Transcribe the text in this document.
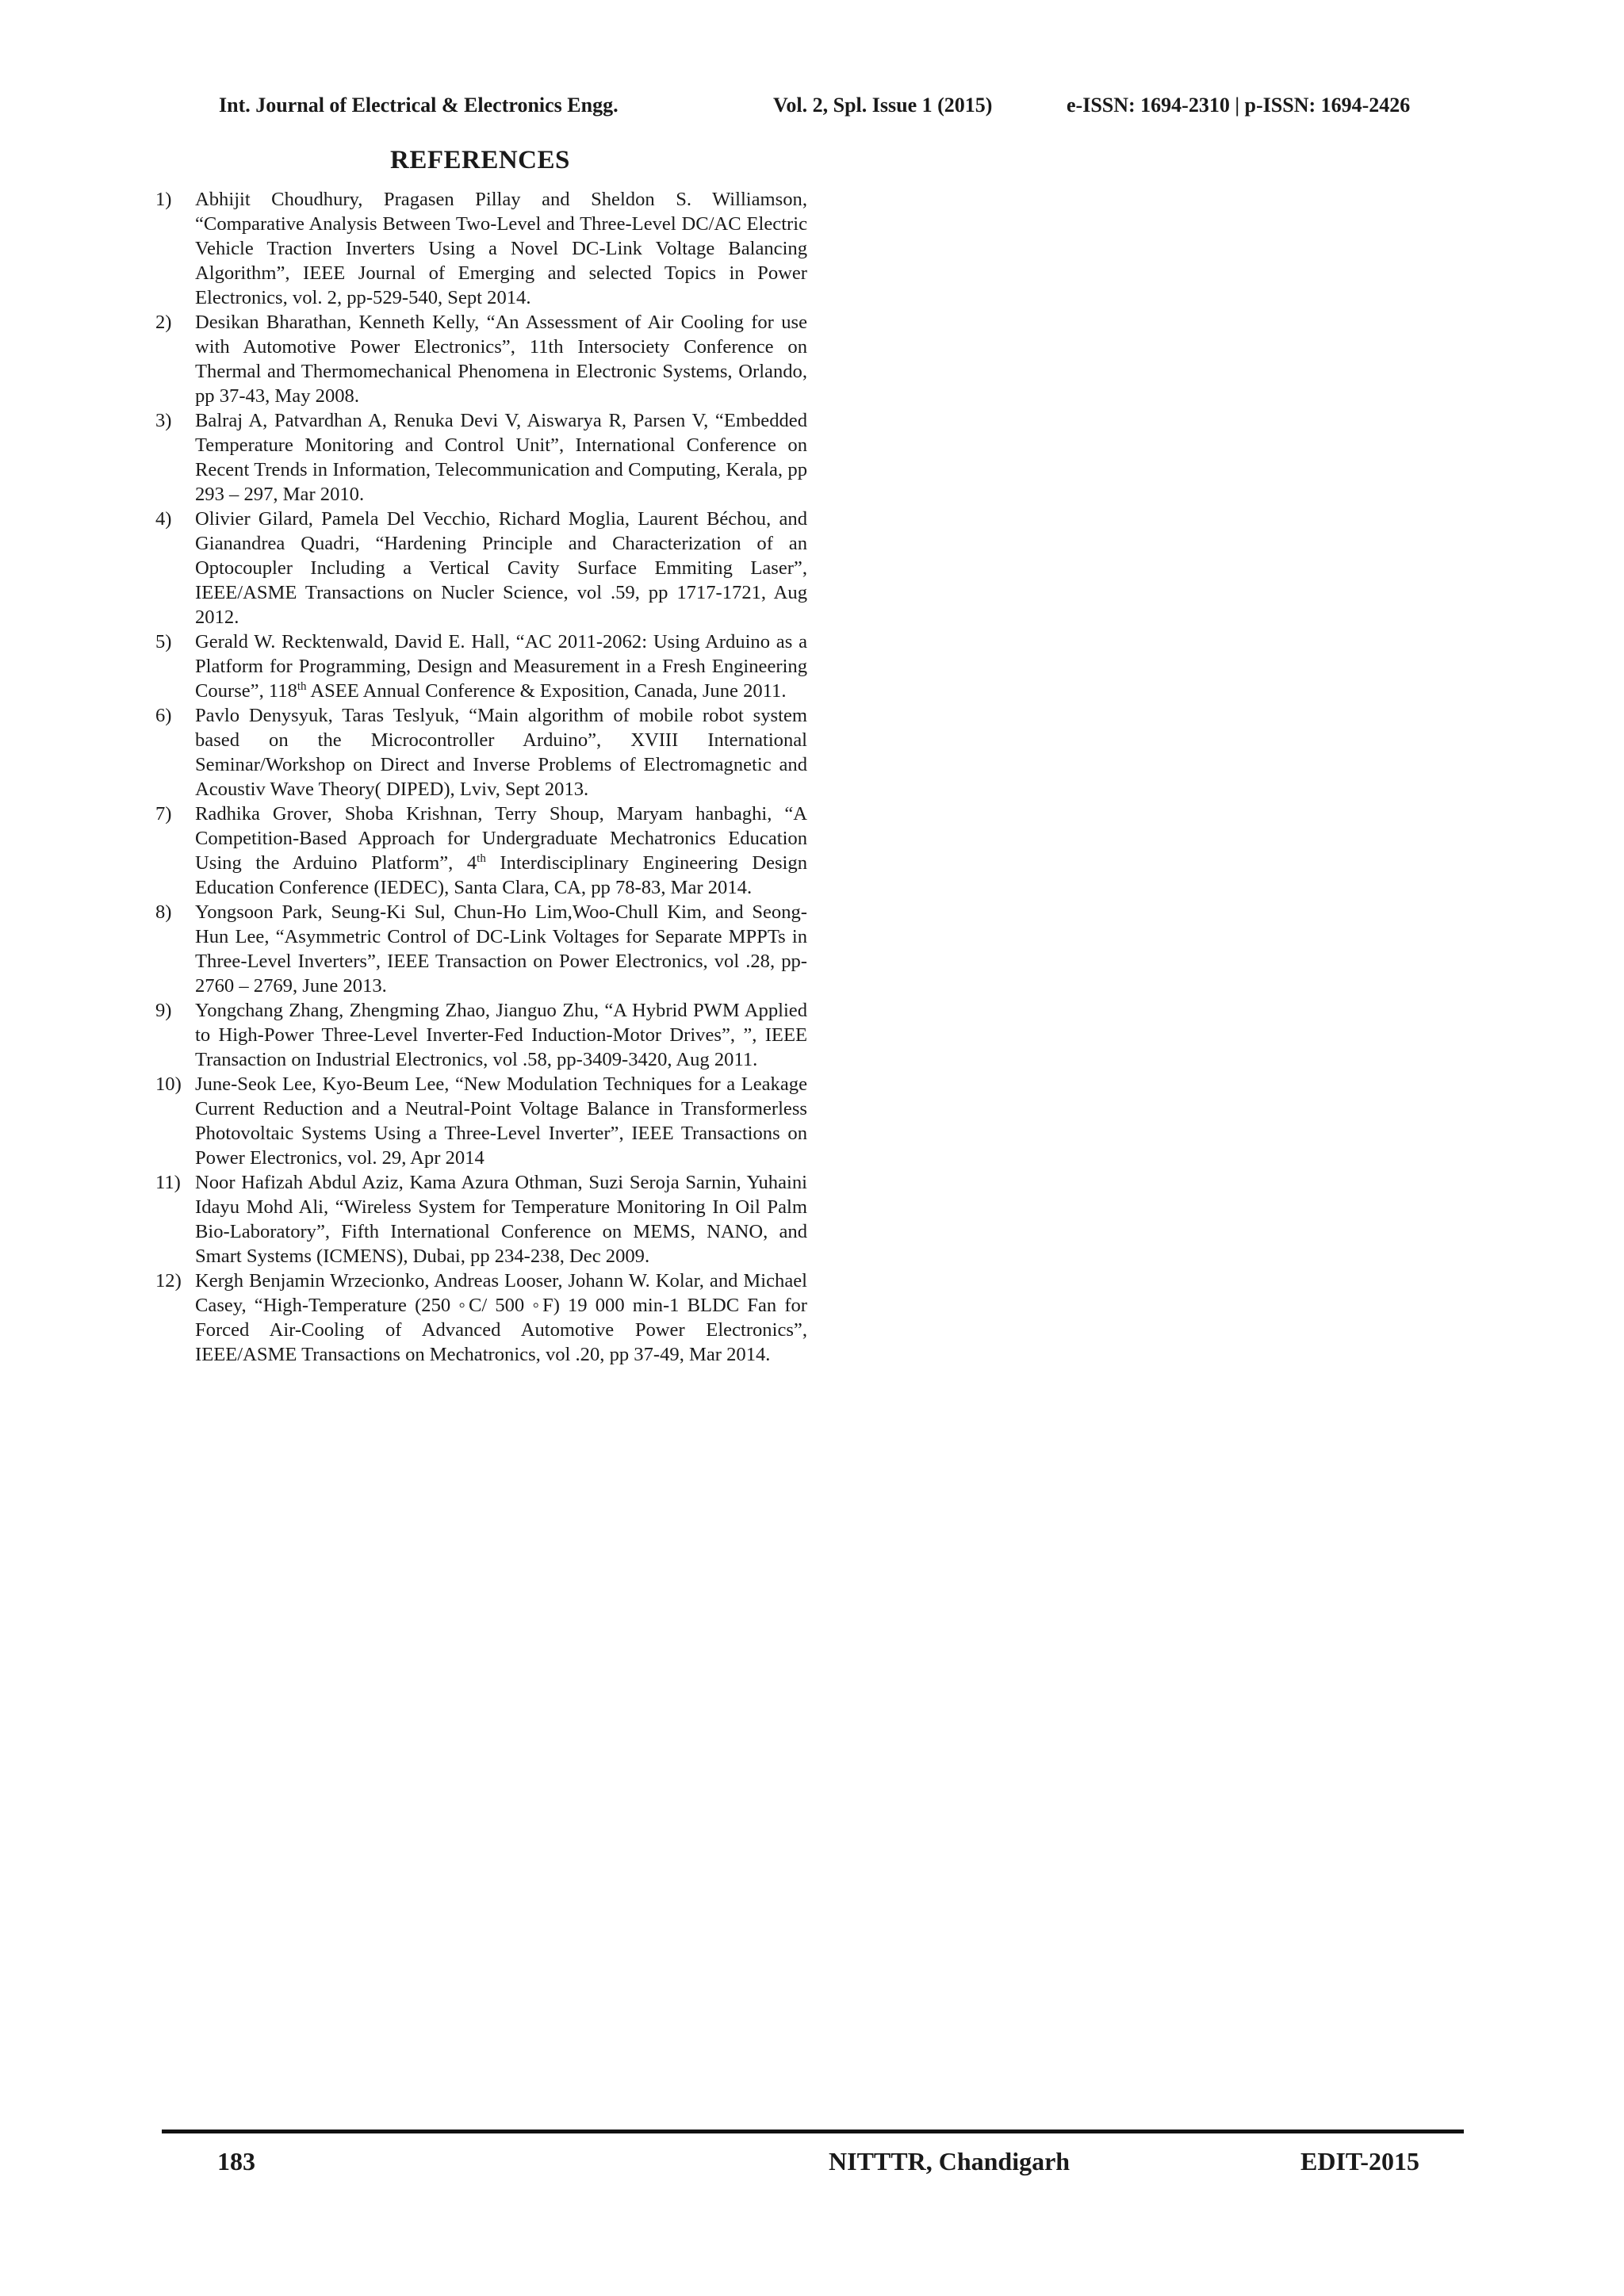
Int. Journal of Electrical & Electronics Engg.	Vol. 2, Spl. Issue 1 (2015)	e-ISSN: 1694-2310 | p-ISSN: 1694-2426
REFERENCES
1)	Abhijit Choudhury, Pragasen Pillay and Sheldon S. Williamson, “Comparative Analysis Between Two-Level and Three-Level DC/AC Electric Vehicle Traction Inverters Using a Novel DC-Link Voltage Balancing Algorithm”, IEEE Journal of Emerging and selected Topics in Power Electronics, vol. 2, pp-529-540, Sept 2014.
2)	Desikan Bharathan, Kenneth Kelly, “An Assessment of Air Cooling for use with Automotive Power Electronics”, 11th Intersociety Conference on Thermal and Thermomechanical Phenomena in Electronic Systems, Orlando, pp 37-43, May 2008.
3)	Balraj A, Patvardhan A, Renuka Devi V, Aiswarya R, Parsen V, “Embedded Temperature Monitoring and Control Unit”, International Conference on Recent Trends in Information, Telecommunication and Computing, Kerala, pp 293 – 297, Mar 2010.
4)	Olivier Gilard, Pamela Del Vecchio, Richard Moglia, Laurent Béchou, and Gianandrea Quadri, “Hardening Principle and Characterization of an Optocoupler Including a Vertical Cavity Surface Emmiting Laser”, IEEE/ASME Transactions on Nucler Science, vol .59, pp 1717-1721, Aug 2012.
5)	Gerald W. Recktenwald, David E. Hall, “AC 2011-2062: Using Arduino as a Platform for Programming, Design and Measurement in a Fresh Engineering Course”, 118th ASEE Annual Conference & Exposition, Canada, June 2011.
6)	Pavlo Denysyuk, Taras Teslyuk, “Main algorithm of mobile robot system based on the Microcontroller Arduino”, XVIII International Seminar/Workshop on Direct and Inverse Problems of Electromagnetic and Acoustiv Wave Theory( DIPED), Lviv, Sept 2013.
7)	Radhika Grover, Shoba Krishnan, Terry Shoup, Maryam hanbaghi, “A Competition-Based Approach for Undergraduate Mechatronics Education Using the Arduino Platform”, 4th Interdisciplinary Engineering Design Education Conference (IEDEC), Santa Clara, CA, pp 78-83, Mar 2014.
8)	Yongsoon Park, Seung-Ki Sul, Chun-Ho Lim,Woo-Chull Kim, and Seong-Hun Lee, “Asymmetric Control of DC-Link Voltages for Separate MPPTs in Three-Level Inverters”, IEEE Transaction on Power Electronics, vol .28, pp-2760 – 2769, June 2013.
9)	Yongchang Zhang, Zhengming Zhao, Jianguo Zhu, “A Hybrid PWM Applied to High-Power Three-Level Inverter-Fed Induction-Motor Drives”, ”, IEEE Transaction on Industrial Electronics, vol .58, pp-3409-3420, Aug 2011.
10) June-Seok Lee, Kyo-Beum Lee, “New Modulation Techniques for a Leakage Current Reduction and a Neutral-Point Voltage Balance in Transformerless Photovoltaic Systems Using a Three-Level Inverter”, IEEE Transactions on Power Electronics, vol. 29, Apr 2014
11) Noor Hafizah Abdul Aziz, Kama Azura Othman, Suzi Seroja Sarnin, Yuhaini Idayu Mohd Ali, “Wireless System for Temperature Monitoring In Oil Palm Bio-Laboratory”, Fifth International Conference on MEMS, NANO, and Smart Systems (ICMENS), Dubai, pp 234-238, Dec 2009.
12) Kergh Benjamin Wrzecionko, Andreas Looser, Johann W. Kolar, and Michael Casey, “High-Temperature (250 ◦C/ 500 ◦F) 19 000 min-1 BLDC Fan for Forced Air-Cooling of Advanced Automotive Power Electronics”, IEEE/ASME Transactions on Mechatronics, vol .20, pp 37-49, Mar 2014.
183	NITTTR, Chandigarh	EDIT-2015
